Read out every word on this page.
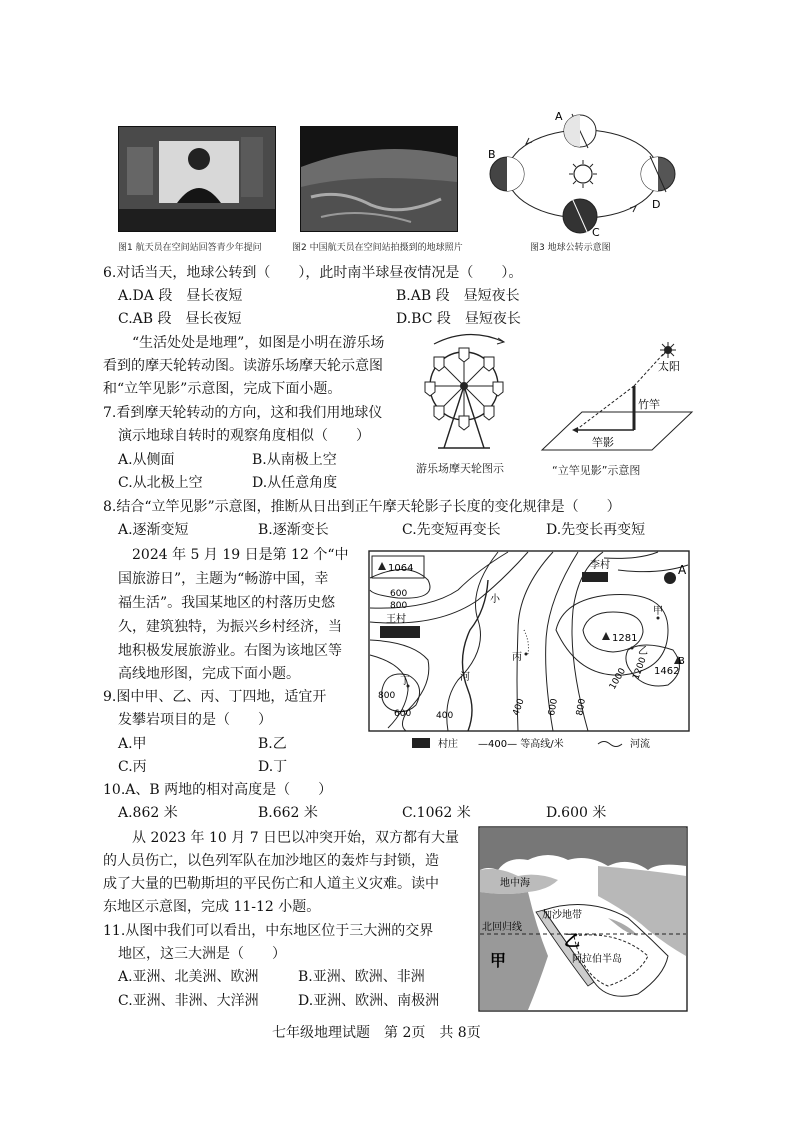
图1 航天员在空间站回答青少年提问	图2 中国航天员在空间站拍摄到的地球照片
A
B
C
D
图3 地球公转示意图
6.对话当天，地球公转到（　　），此时南半球昼夜情况是（　　）。
A.DA 段　昼长夜短	B.AB 段　昼短夜长
C.AB 段　昼长夜短	D.BC 段　昼短夜长
“生活处处是地理”，如图是小明在游乐场
看到的摩天轮转动图。读游乐场摩天轮示意图
和“立竿见影”示意图，完成下面小题。
7.看到摩天轮转动的方向，这和我们用地球仪
演示地球自转时的观察角度相似（　　）
A.从侧面	B.从南极上空
C.从北极上空	D.从任意角度
游乐场摩天轮图示
太阳
竹竿
竿影
“立竿见影”示意图
8.结合“立竿见影”示意图，推断从日出到正午摩天轮影子长度的变化规律是（　　）
A.逐渐变短	B.逐渐变长	C.先变短再变长	D.先变长再变短
2024 年 5 月 19 日是第 12 个“中
国旅游日”，主题为“畅游中国，幸
福生活”。我国某地区的村落历史悠
久，建筑独特，为振兴乡村经济，当
地积极发展旅游业。右图为该地区等
高线地形图，完成下面小题。
9.图中甲、乙、丙、丁四地，适宜开
发攀岩项目的是（　　）
A.甲	B.乙
C.丙	D.丁
1064
1281
1462
B
李村
王村
A
甲
乙
丙
丁
小
河
600
800
800
600	400	400 600 800
1000 1200
村庄 —400— 等高线/米	河流
10.A、B 两地的相对高度是（　　）
A.862 米	B.662 米	C.1062 米	D.600 米
从 2023 年 10 月 7 日巴以冲突开始，双方都有大量
的人员伤亡，以色列军队在加沙地区的轰炸与封锁，造
成了大量的巴勒斯坦的平民伤亡和人道主义灾难。读中
东地区示意图，完成 11-12 小题。
11.从图中我们可以看出，中东地区位于三大洲的交界
地区，这三大洲是（　　）
A.亚洲、北美洲、欧洲	B.亚洲、欧洲、非洲
C.亚洲、非洲、大洋洲	D.亚洲、欧洲、南极洲
地中海
加沙地带
北回归线
乙
甲	阿拉伯半岛
七年级地理试题　第 2页　共 8页
